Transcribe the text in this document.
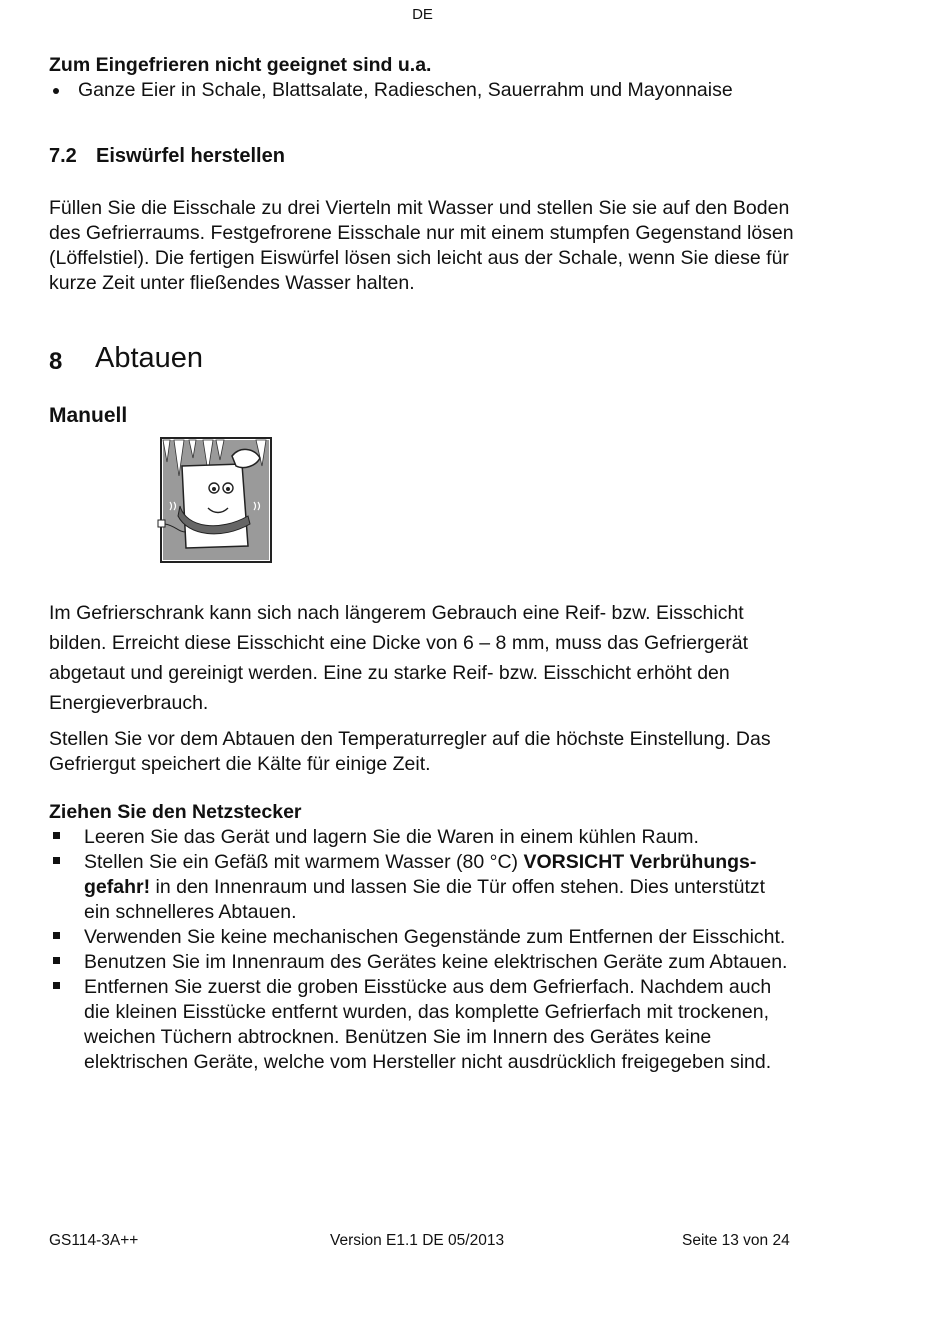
DE
Zum Eingefrieren nicht geeignet sind u.a.
Ganze Eier in Schale, Blattsalate, Radieschen, Sauerrahm und Mayonnaise
7.2 Eiswürfel herstellen
Füllen Sie die Eisschale zu drei Vierteln mit Wasser und stellen Sie sie auf den Boden
des Gefrierraums. Festgefrorene Eisschale nur mit einem stumpfen Gegenstand lösen
(Löffelstiel). Die fertigen Eiswürfel lösen sich leicht aus der Schale, wenn Sie diese für
kurze Zeit unter fließendes Wasser halten.
8 Abtauen
Manuell
Im Gefrierschrank kann sich nach längerem Gebrauch eine Reif- bzw. Eisschicht
bilden. Erreicht diese Eisschicht eine Dicke von 6 – 8 mm, muss das Gefriergerät
abgetaut und gereinigt werden. Eine zu starke Reif- bzw. Eisschicht erhöht den
Energieverbrauch.
Stellen Sie vor dem Abtauen den Temperaturregler auf die höchste Einstellung. Das
Gefriergut speichert die Kälte für einige Zeit.
Ziehen Sie den Netzstecker
Leeren Sie das Gerät und lagern Sie die Waren in einem kühlen Raum.
Stellen Sie ein Gefäß mit warmem Wasser (80 °C) VORSICHT Verbrühungs-
gefahr! in den Innenraum und lassen Sie die Tür offen stehen. Dies unterstützt
ein schnelleres Abtauen.
Verwenden Sie keine mechanischen Gegenstände zum Entfernen der Eisschicht.
Benutzen Sie im Innenraum des Gerätes keine elektrischen Geräte zum Abtauen.
Entfernen Sie zuerst die groben Eisstücke aus dem Gefrierfach. Nachdem auch
die kleinen Eisstücke entfernt wurden, das komplette Gefrierfach mit trockenen,
weichen Tüchern abtrocknen. Benützen Sie im Innern des Gerätes keine
elektrischen Geräte, welche vom Hersteller nicht ausdrücklich freigegeben sind.
GS114-3A++	Version E1.1 DE 05/2013	Seite 13 von 24
